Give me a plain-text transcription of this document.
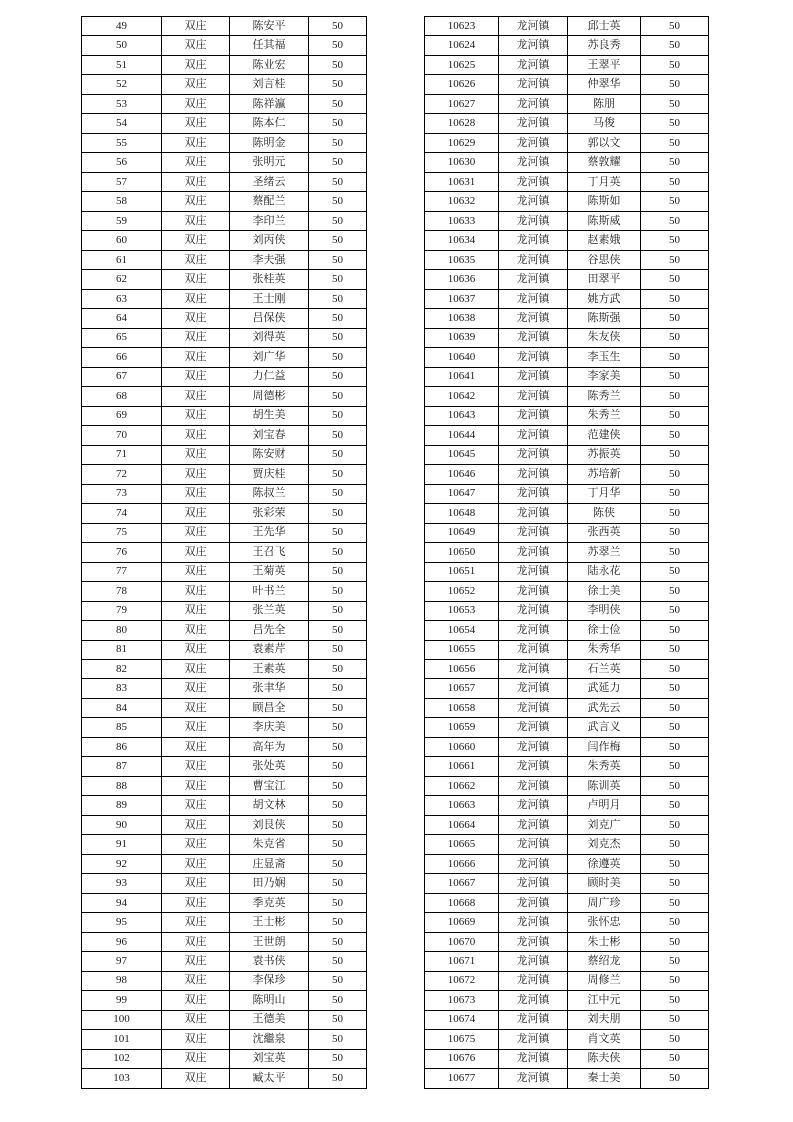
49	双庄	陈安平	50
50	双庄	任其福	50
51	双庄	陈业宏	50
52	双庄	刘言桂	50
53	双庄	陈祥瀛	50
54	双庄	陈本仁	50
55	双庄	陈明金	50
56	双庄	张明元	50
57	双庄	圣绪云	50
58	双庄	蔡配兰	50
59	双庄	李印兰	50
60	双庄	刘丙侠	50
61	双庄	李夫强	50
62	双庄	张桂英	50
63	双庄	王士刚	50
64	双庄	吕保侠	50
65	双庄	刘得英	50
66	双庄	刘广华	50
67	双庄	力仁益	50
68	双庄	周德彬	50
69	双庄	胡生美	50
70	双庄	刘宝春	50
71	双庄	陈安财	50
72	双庄	贾庆桂	50
73	双庄	陈叔兰	50
74	双庄	张彩荣	50
75	双庄	王先华	50
76	双庄	王召飞	50
77	双庄	王菊英	50
78	双庄	叶书兰	50
79	双庄	张兰英	50
80	双庄	吕先全	50
81	双庄	袁素芹	50
82	双庄	王素英	50
83	双庄	张聿华	50
84	双庄	顾昌全	50
85	双庄	李庆美	50
86	双庄	高年为	50
87	双庄	张处英	50
88	双庄	曹宝江	50
89	双庄	胡文林	50
90	双庄	刘艮侠	50
91	双庄	朱克省	50
92	双庄	庄显斋	50
93	双庄	田乃娴	50
94	双庄	季克英	50
95	双庄	王士彬	50
96	双庄	王世朗	50
97	双庄	袁书侠	50
98	双庄	李保珍	50
99	双庄	陈明山	50
100	双庄	王德美	50
101	双庄	沈繼泉	50
102	双庄	刘宝英	50
103	双庄	臧太平	50
10623	龙河镇	邱士英	50
10624	龙河镇	苏良秀	50
10625	龙河镇	王翠平	50
10626	龙河镇	仲翠华	50
10627	龙河镇	陈朋	50
10628	龙河镇	马俊	50
10629	龙河镇	郭以文	50
10630	龙河镇	蔡敦耀	50
10631	龙河镇	丁月英	50
10632	龙河镇	陈斯如	50
10633	龙河镇	陈斯威	50
10634	龙河镇	赵素娥	50
10635	龙河镇	谷思侠	50
10636	龙河镇	田翠平	50
10637	龙河镇	姚方武	50
10638	龙河镇	陈斯强	50
10639	龙河镇	朱友侠	50
10640	龙河镇	李玉生	50
10641	龙河镇	李家美	50
10642	龙河镇	陈秀兰	50
10643	龙河镇	朱秀兰	50
10644	龙河镇	范建侠	50
10645	龙河镇	苏振英	50
10646	龙河镇	苏培新	50
10647	龙河镇	丁月华	50
10648	龙河镇	陈侠	50
10649	龙河镇	张西英	50
10650	龙河镇	苏翠兰	50
10651	龙河镇	陆永花	50
10652	龙河镇	徐士美	50
10653	龙河镇	李明侠	50
10654	龙河镇	徐士俭	50
10655	龙河镇	朱秀华	50
10656	龙河镇	石兰英	50
10657	龙河镇	武延力	50
10658	龙河镇	武先云	50
10659	龙河镇	武言义	50
10660	龙河镇	闫作梅	50
10661	龙河镇	朱秀英	50
10662	龙河镇	陈训英	50
10663	龙河镇	卢明月	50
10664	龙河镇	刘克广	50
10665	龙河镇	刘克杰	50
10666	龙河镇	徐遵英	50
10667	龙河镇	顾时美	50
10668	龙河镇	周广珍	50
10669	龙河镇	张怀忠	50
10670	龙河镇	朱士彬	50
10671	龙河镇	蔡绍龙	50
10672	龙河镇	周修兰	50
10673	龙河镇	江中元	50
10674	龙河镇	刘夫朋	50
10675	龙河镇	肖文英	50
10676	龙河镇	陈夫侠	50
10677	龙河镇	秦士美	50
